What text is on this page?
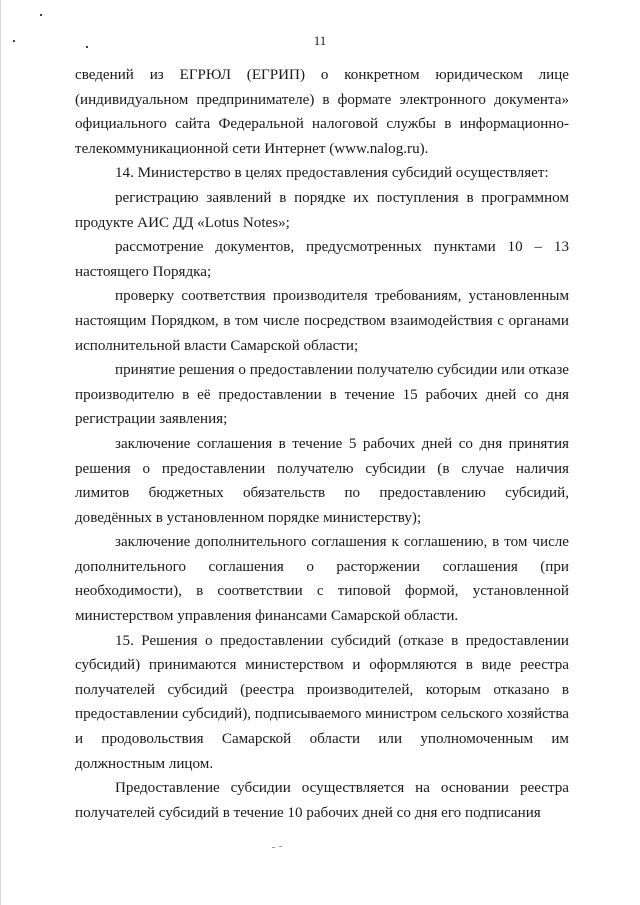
11

сведений из ЕГРЮЛ (ЕГРИП) о конкретном юридическом лице (индивидуальном предпринимателе) в формате электронного документа» официального сайта Федеральной налоговой службы в информационно-телекоммуникационной сети Интернет (www.nalog.ru).

14. Министерство в целях предоставления субсидий осуществляет:

регистрацию заявлений в порядке их поступления в программном продукте АИС ДД «Lotus Notes»;

рассмотрение документов, предусмотренных пунктами 10 – 13 настоящего Порядка;

проверку соответствия производителя требованиям, установленным настоящим Порядком, в том числе посредством взаимодействия с органами исполнительной власти Самарской области;

принятие решения о предоставлении получателю субсидии или отказе производителю в её предоставлении в течение 15 рабочих дней со дня регистрации заявления;

заключение соглашения в течение 5 рабочих дней со дня принятия решения о предоставлении получателю субсидии (в случае наличия лимитов бюджетных обязательств по предоставлению субсидий, доведённых в установленном порядке министерству);

заключение дополнительного соглашения к соглашению, в том числе дополнительного соглашения о расторжении соглашения (при необходимости), в соответствии с типовой формой, установленной министерством управления финансами Самарской области.

15. Решения о предоставлении субсидий (отказе в предоставлении субсидий) принимаются министерством и оформляются в виде реестра получателей субсидий (реестра производителей, которым отказано в предоставлении субсидий), подписываемого министром сельского хозяйства и продовольствия Самарской области или уполномоченным им должностным лицом.

Предоставление субсидии осуществляется на основании реестра получателей субсидий в течение 10 рабочих дней со дня его подписания
